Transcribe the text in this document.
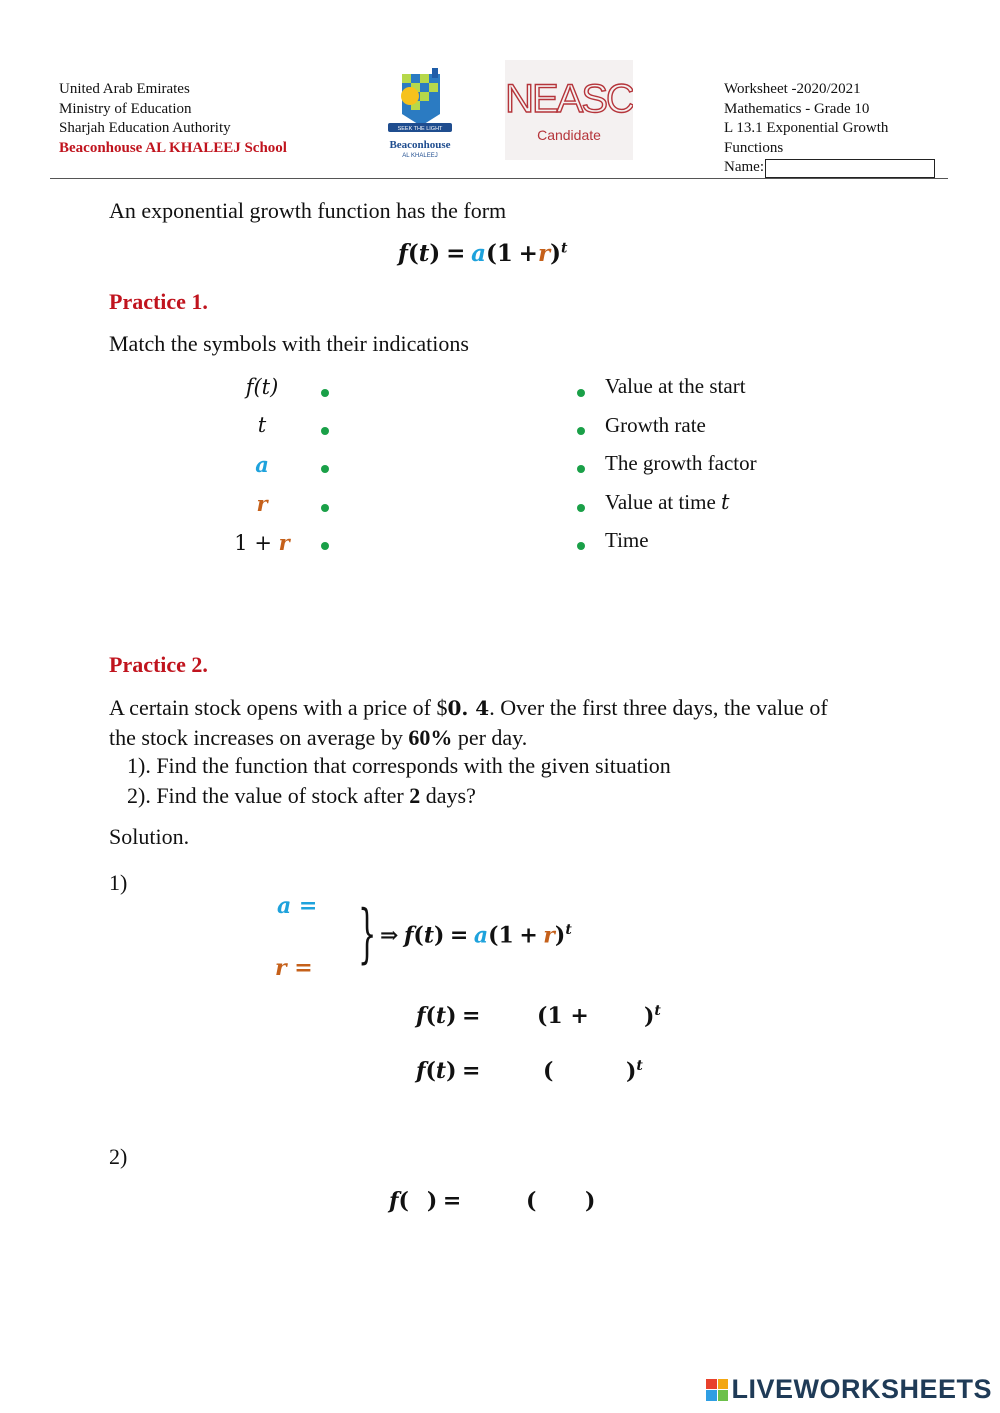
United Arab Emirates
Ministry of Education
Sharjah Education Authority
Beaconhouse AL KHALEEJ School
SEEK THE LIGHT
Beaconhouse
AL KHALEEJ
NEASC
Candidate
Worksheet -2020/2021
Mathematics - Grade 10
L 13.1 Exponential Growth
Functions
Name:
An exponential growth function has the form
$f(t) = a(1 +r)^t$
Practice 1.
Match the symbols with their indications
f(t)
t
a
r
1 + r
Value at the start
Growth rate
The growth factor
Value at time t
Time
Practice 2.
A certain stock opens with a price of $0. 4. Over the first three days, the value of
the stock increases on average by 60% per day.
1). Find the function that corresponds with the given situation
2). Find the value of stock after 2 days?
Solution.
1)
a =
r = } ⇒ $f(t) = a(1 + r)^t$
f(t) =	(1 +	)$^t$
f(t) =	(	)$^t$
2)
f( ) =	( )
LIVEWORKSHEETS
